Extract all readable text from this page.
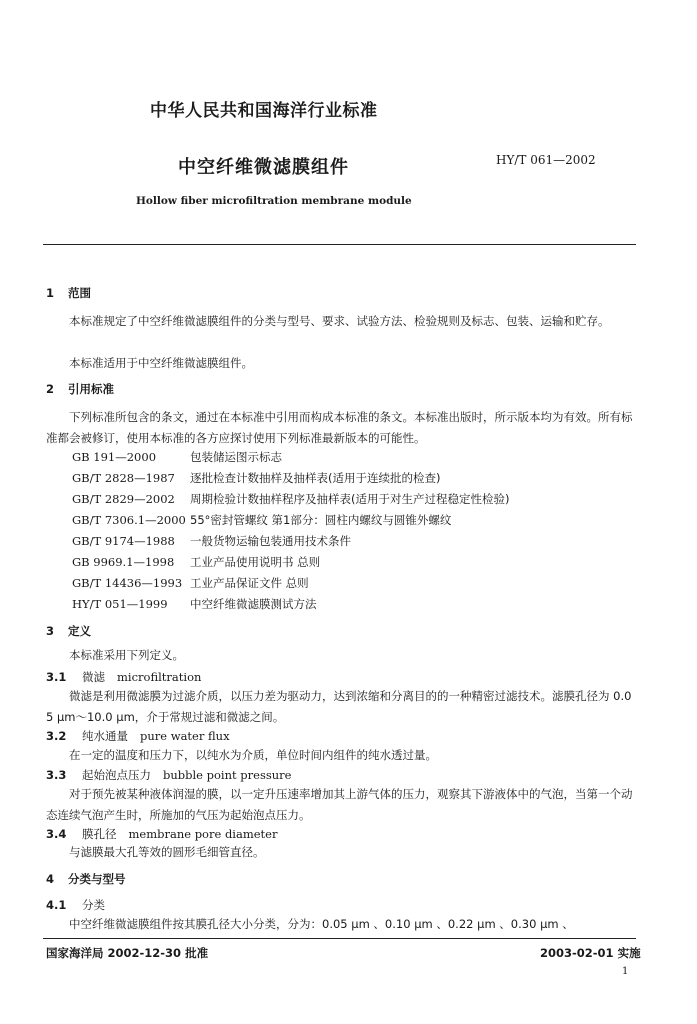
中华人民共和国海洋行业标准
中空纤维微滤膜组件	HY/T 061—2002
Hollow fiber microfiltration membrane module
1 范围
本标准规定了中空纤维微滤膜组件的分类与型号、要求、试验方法、检验规则及标志、包装、运输和贮存。
本标准适用于中空纤维微滤膜组件。
2 引用标准
下列标准所包含的条文，通过在本标准中引用而构成本标准的条文。本标准出版时，所示版本均为有效。所有标准都会被修订，使用本标准的各方应探讨使用下列标准最新版本的可能性。
GB 191—2000	包装储运图示标志
GB/T 2828—1987 逐批检查计数抽样及抽样表(适用于连续批的检查)
GB/T 2829—2002 周期检验计数抽样程序及抽样表(适用于对生产过程稳定性检验)
GB/T 7306.1—2000 55°密封管螺纹 第1部分：圆柱内螺纹与圆锥外螺纹
GB/T 9174—1988 一般货物运输包装通用技术条件
GB 9969.1—1998 工业产品使用说明书 总则
GB/T 14436—1993 工业产品保证文件 总则
HY/T 051—1999 中空纤维微滤膜测试方法
3 定义
本标准采用下列定义。
3.1 微滤 microfiltration
微滤是利用微滤膜为过滤介质，以压力差为驱动力，达到浓缩和分离目的的一种精密过滤技术。滤膜孔径为 0.05 μm～10.0 μm，介于常规过滤和微滤之间。
3.2 纯水通量 pure water flux
在一定的温度和压力下，以纯水为介质，单位时间内组件的纯水透过量。
3.3 起始泡点压力 bubble point pressure
对于预先被某种液体润湿的膜，以一定升压速率增加其上游气体的压力，观察其下游液体中的气泡，当第一个动态连续气泡产生时，所施加的气压为起始泡点压力。
3.4 膜孔径 membrane pore diameter
与滤膜最大孔等效的圆形毛细管直径。
4 分类与型号
4.1 分类
中空纤维微滤膜组件按其膜孔径大小分类，分为：0.05 μm 、0.10 μm 、0.22 μm 、0.30 μm 、
国家海洋局 2002-12-30 批准	2003-02-01 实施
1
